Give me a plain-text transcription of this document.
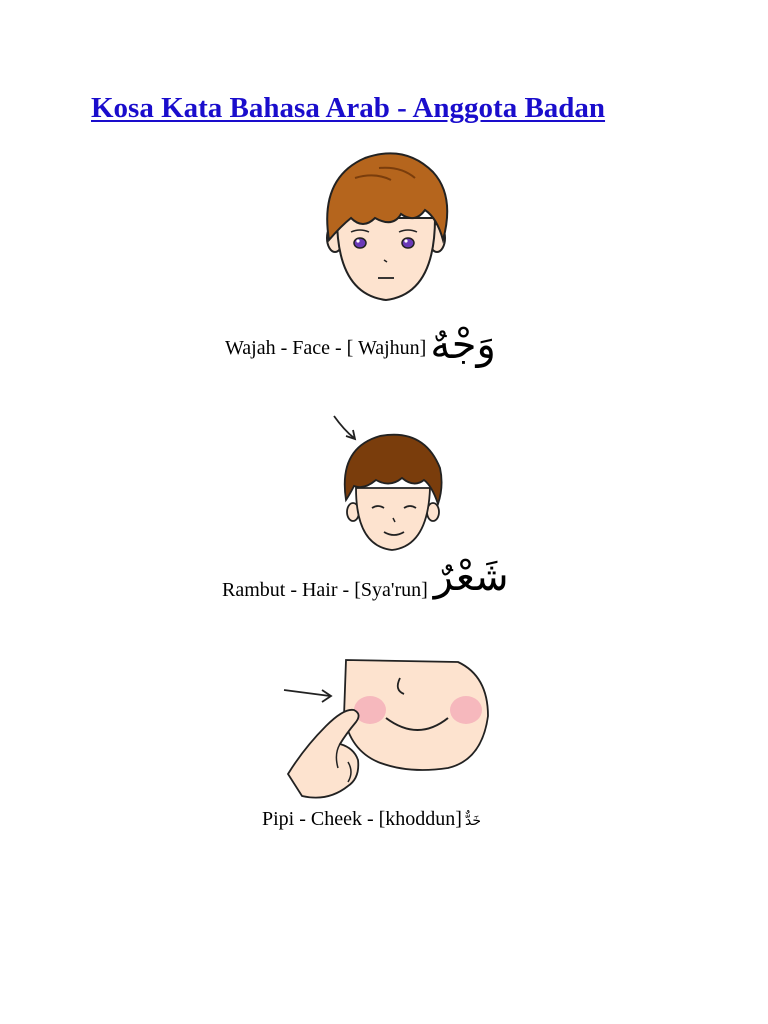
Kosa Kata Bahasa Arab - Anggota Badan
Wajah - Face - [ Wajhun] وَجْهٌ
Rambut - Hair - [Sya'run] شَعْرٌ
Pipi - Cheek - [khoddun] خَدٌّ
